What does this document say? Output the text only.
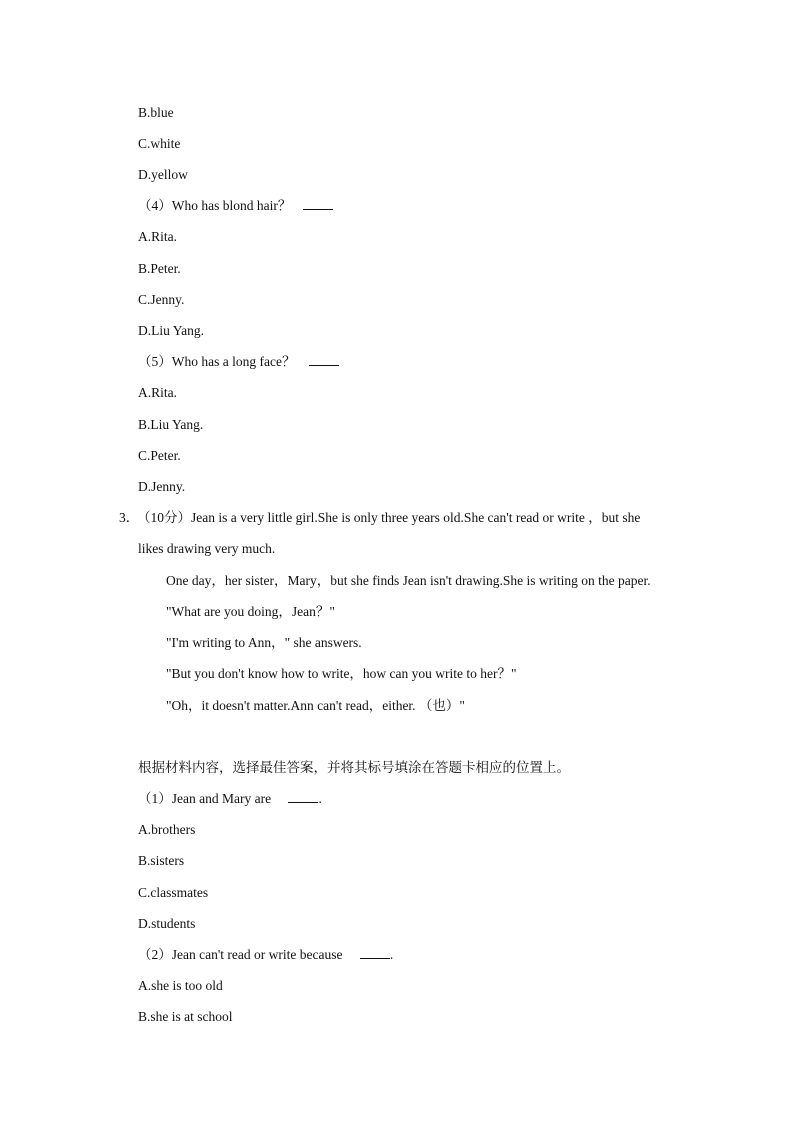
B.blue
C.white
D.yellow
（4）Who has blond hair？
A.Rita.
B.Peter.
C.Jenny.
D.Liu Yang.
（5）Who has a long face？
A.Rita.
B.Liu Yang.
C.Peter.
D.Jenny.
3．
（10分）Jean is a very little girl.She is only three years old.She can't read or write ，but she
likes drawing very much.
One day，her sister，Mary，but she finds Jean isn't drawing.She is writing on the paper.
"What are you doing，Jean？"
"I'm writing to Ann，" she answers.
"But you don't know how to write，how can you write to her？"
"Oh，it doesn't matter.Ann can't read，either. （也）"
根据材料内容，选择最佳答案，并将其标号填涂在答题卡相应的位置上。
（1）Jean and Mary are	.
A.brothers
B.sisters
C.classmates
D.students
（2）Jean can't read or write because	.
A.she is too old
B.she is at school
